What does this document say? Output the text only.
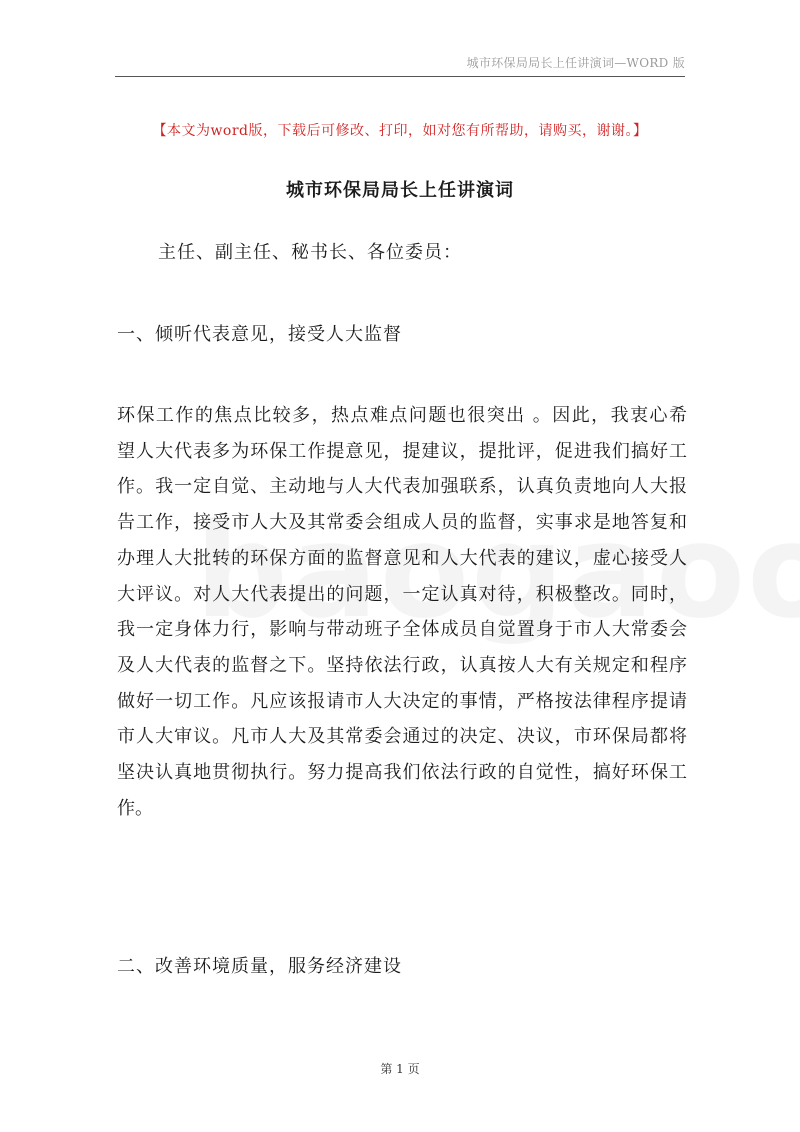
城市环保局局长上任讲演词—WORD 版
【本文为word版，下载后可修改、打印，如对您有所帮助，请购买，谢谢。】
城市环保局局长上任讲演词
主任、副主任、秘书长、各位委员：
一、倾听代表意见，接受人大监督
环保工作的焦点比较多，热点难点问题也很突出 。因此，我衷心希
望人大代表多为环保工作提意见，提建议，提批评，促进我们搞好工
作。我一定自觉、主动地与人大代表加强联系，认真负责地向人大报
告工作，接受市人大及其常委会组成人员的监督，实事求是地答复和
办理人大批转的环保方面的监督意见和人大代表的建议，虚心接受人
大评议。对人大代表提出的问题，一定认真对待，积极整改。同时，
我一定身体力行，影响与带动班子全体成员自觉置身于市人大常委会
及人大代表的监督之下。坚持依法行政，认真按人大有关规定和程序
做好一切工作。凡应该报请市人大决定的事情，严格按法律程序提请
市人大审议。凡市人大及其常委会通过的决定、决议，市环保局都将
坚决认真地贯彻执行。努力提高我们依法行政的自觉性，搞好环保工
作。
二、改善环境质量，服务经济建设
第 1 页
